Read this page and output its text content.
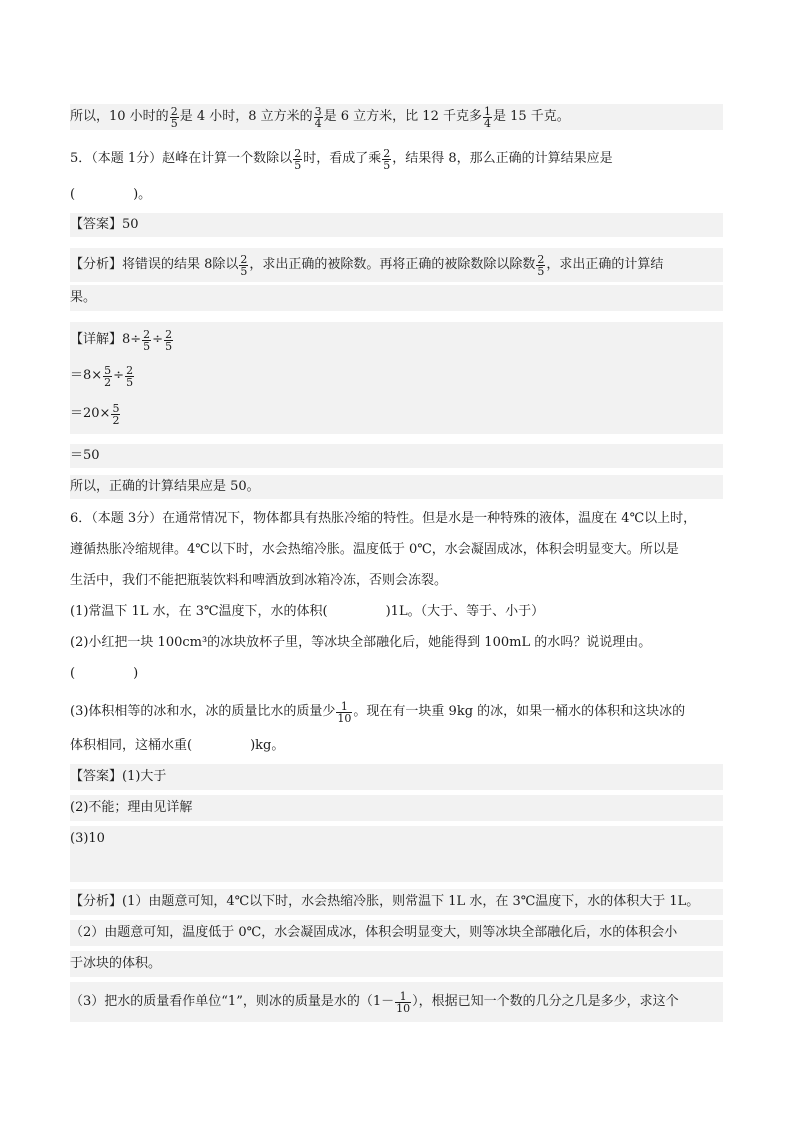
所以，10 小时的 $\frac{2}{5}$ 是 4 小时，8 立方米的 $\frac{3}{4}$ 是 6 立方米，比 12 千克多 $\frac{1}{4}$ 是 15 千克。
5．（本题 1分）赵峰在计算一个数除以 $\frac{2}{5}$ 时，看成了乘 $\frac{2}{5}$ ，结果得 8，那么正确的计算结果应是
(	)。
【答案】50
【分析】将错误的结果 8除以 $\frac{2}{5}$ ，求出正确的被除数。再将正确的被除数除以除数 $\frac{2}{5}$ ，求出正确的计算结
果。
【详解】$8\div \frac{2}{5} \div \frac{2}{5}$
$=8\times \frac{5}{2} \div \frac{2}{5}$
$=20\times \frac{5}{2}$
＝50
所以，正确的计算结果应是 50。
6．（本题 3分）在通常情况下，物体都具有热胀冷缩的特性。但是水是一种特殊的液体，温度在 4℃以上时，
遵循热胀冷缩规律。4℃以下时，水会热缩冷胀。温度低于 0℃，水会凝固成冰，体积会明显变大。所以是
生活中，我们不能把瓶装饮料和啤酒放到冰箱冷冻，否则会冻裂。
(1)常温下 1L 水，在 3℃温度下，水的体积(	)1L。（大于、等于、小于）
(2)小红把一块 100cm³的冰块放杯子里，等冰块全部融化后，她能得到 100mL 的水吗？说说理由。
(	)
(3)体积相等的冰和水，冰的质量比水的质量少 $\frac{1}{10}$ 。现在有一块重 9kg 的冰，如果一桶水的体积和这块冰的
体积相同，这桶水重(	)kg。
【答案】(1)大于
(2)不能；理由见详解
(3)10
【分析】(1）由题意可知，4℃以下时，水会热缩冷胀，则常温下 1L 水，在 3℃温度下，水的体积大于 1L。
（2）由题意可知，温度低于 0℃，水会凝固成冰，体积会明显变大，则等冰块全部融化后，水的体积会小
于冰块的体积。
（3）把水的质量看作单位“1”，则冰的质量是水的（$1- \frac{1}{10}$ ），根据已知一个数的几分之几是多少，求这个
